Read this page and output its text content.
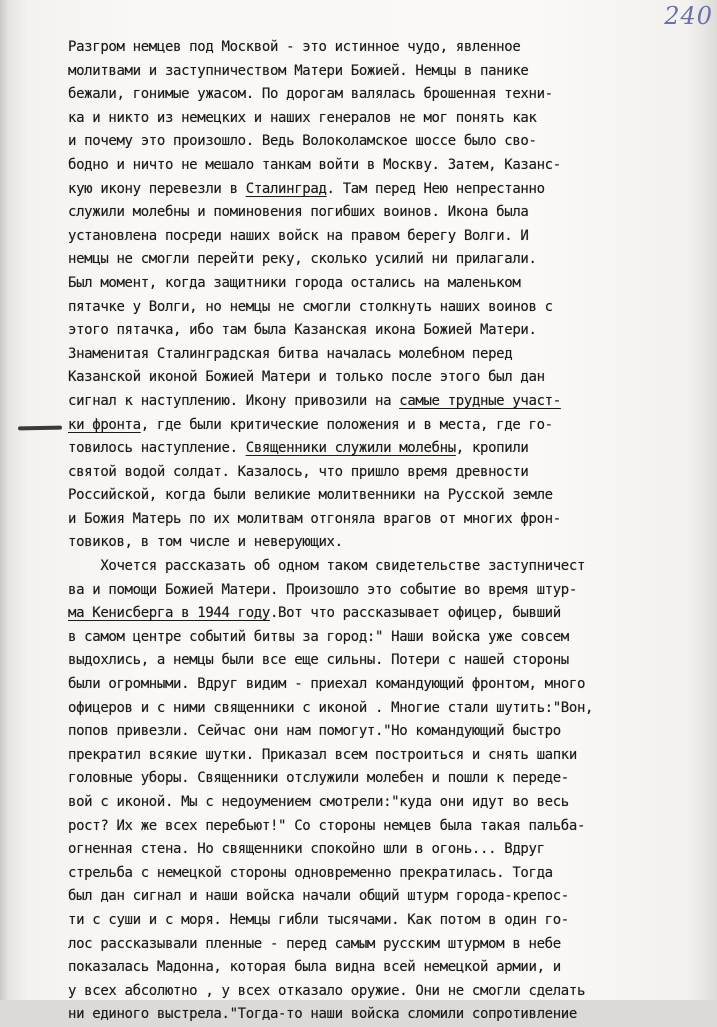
240
Разгром немцев под Москвой - это истинное чудо, явленное
молитвами и заступничеством Матери Божией. Немцы в панике
бежали, гонимые ужасом. По дорогам валялась брошенная техни-
ка и никто из немецких и наших генералов не мог понять как
и почему это произошло. Ведь Волоколамское шоссе было сво-
бодно и ничто не мешало танкам войти в Москву. Затем, Казанс-
кую икону перевезли в Сталинград. Там перед Нею непрестанно
служили молебны и поминовения погибших воинов. Икона была
установлена посреди наших войск на правом берегу Волги. И
немцы не смогли перейти реку, сколько усилий ни прилагали.
Был момент, когда защитники города остались на маленьком
пятачке у Волги, но немцы не смогли столкнуть наших воинов с
этого пятачка, ибо там была Казанская икона Божией Матери.
Знаменитая Сталинградская битва началась молебном перед
Казанской иконой Божией Матери и только после этого был дан
сигнал к наступлению. Икону привозили на самые трудные участ-
ки фронта, где были критические положения и в места, где го-
товилось наступление. Священники служили молебны, кропили
святой водой солдат. Казалось, что пришло время древности
Российской, когда были великие молитвенники на Русской земле
и Божия Матерь по их молитвам отгоняла врагов от многих фрон-
товиков, в том числе и неверующих.
Хочется рассказать об одном таком свидетельстве заступничест
ва и помощи Божией Матери. Произошло это событие во время штур-
ма Кенисберга в 1944 году.Вот что рассказывает офицер, бывший
в самом центре событий битвы за город:" Наши войска уже совсем
выдохлись, а немцы были все еще сильны. Потери с нашей стороны
были огромными. Вдруг видим - приехал командующий фронтом, много
офицеров и с ними священники с иконой . Многие стали шутить:"Вон,
попов привезли. Сейчас они нам помогут."Но командующий быстро
прекратил всякие шутки. Приказал всем построиться и снять шапки
головные уборы. Священники отслужили молебен и пошли к переде-
вой с иконой. Мы с недоумением смотрели:"куда они идут во весь
рост? Их же всех перебьют!" Со стороны немцев была такая пальба-
огненная стена. Но священники спокойно шли в огонь... Вдруг
стрельба с немецкой стороны одновременно прекратилась. Тогда
был дан сигнал и наши войска начали общий штурм города-крепос-
ти с суши и с моря. Немцы гибли тысячами. Как потом в один го-
лос рассказывали пленные - перед самым русским штурмом в небе
показалась Мадонна, которая была видна всей немецкой армии, и
у всех абсолютно , у всех отказало оружие. Они не смогли сделать
ни единого выстрела."Тогда-то наши войска сломили сопротивление
